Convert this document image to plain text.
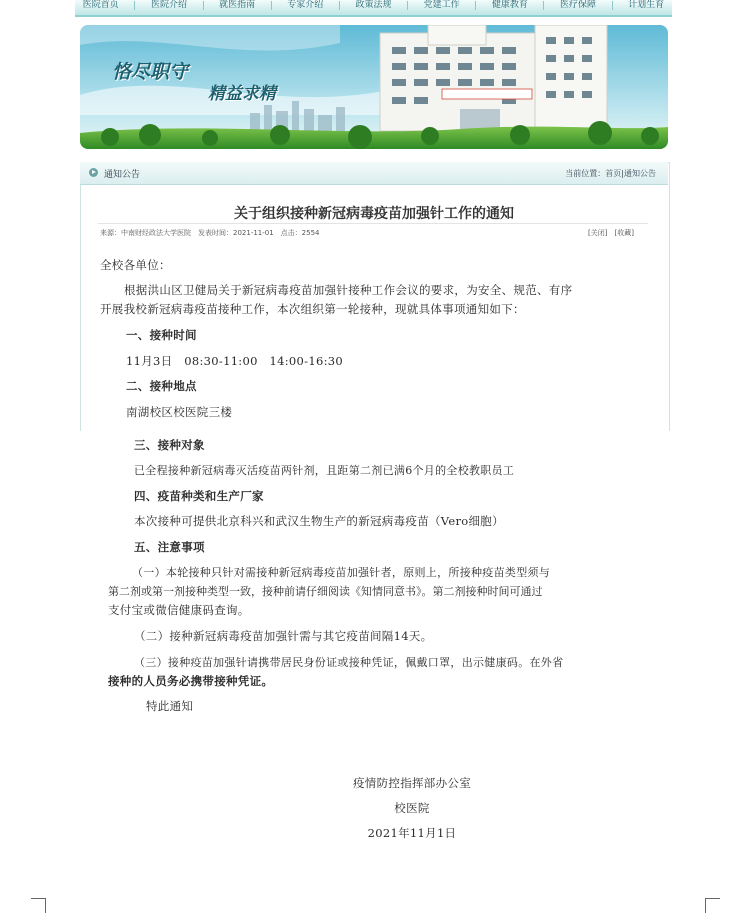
医院首页	医院介绍	就医指南	专家介绍	政策法规	党建工作	健康教育	医疗保障	计划生育
恪尽职守
精益求精
通知公告	当前位置：首页|通知公告
关于组织接种新冠病毒疫苗加强针工作的通知
来源：中南财经政法大学医院　发表时间：2021-11-01　点击：2554	[关闭]　[收藏]
全校各单位：
根据洪山区卫健局关于新冠病毒疫苗加强针接种工作会议的要求，为安全、规范、有序
开展我校新冠病毒疫苗接种工作，本次组织第一轮接种，现就具体事项通知如下：
一、接种时间
11月3日　08:30-11:00　14:00-16:30
二、接种地点
南湖校区校医院三楼
三、接种对象
已全程接种新冠病毒灭活疫苗两针剂，且距第二剂已满6个月的全校教职员工
四、疫苗种类和生产厂家
本次接种可提供北京科兴和武汉生物生产的新冠病毒疫苗（Vero细胞）
五、注意事项
（一）本轮接种只针对需接种新冠病毒疫苗加强针者，原则上，所接种疫苗类型须与
第二剂或第一剂接种类型一致，接种前请仔细阅读《知情同意书》。第二剂接种时间可通过
支付宝或微信健康码查询。
（二）接种新冠病毒疫苗加强针需与其它疫苗间隔14天。
（三）接种疫苗加强针请携带居民身份证或接种凭证，佩戴口罩，出示健康码。在外省
接种的人员务必携带接种凭证。
特此通知
疫情防控指挥部办公室
校医院
2021年11月1日
